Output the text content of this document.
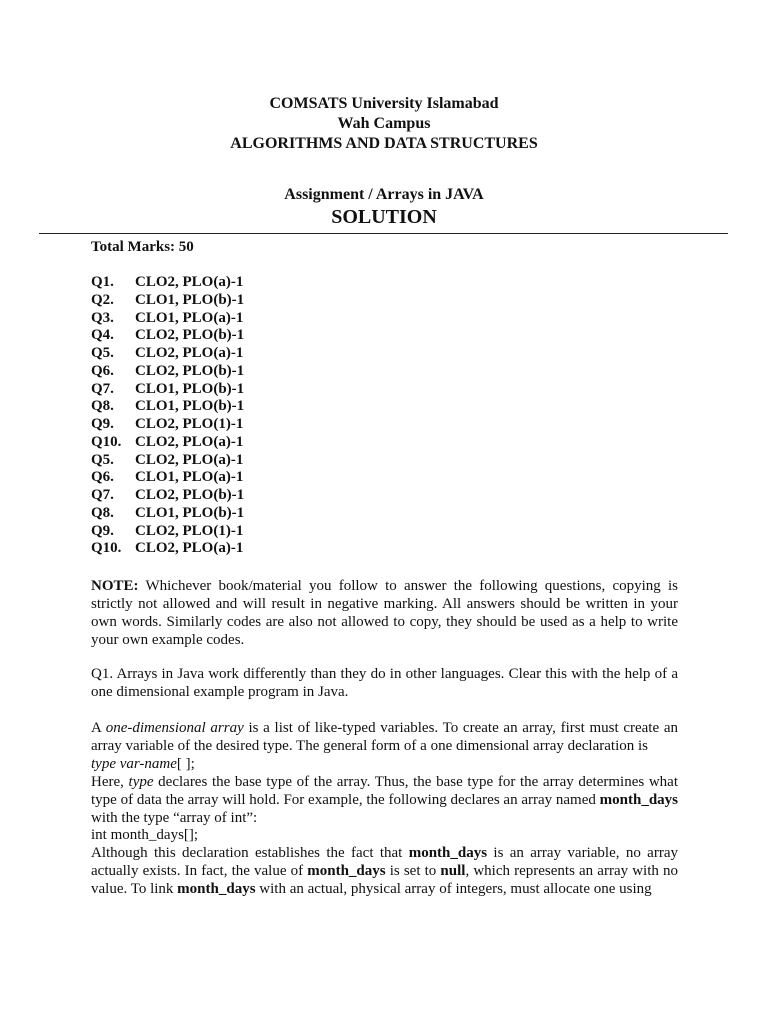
COMSATS University Islamabad
Wah Campus
ALGORITHMS AND DATA STRUCTURES
Assignment / Arrays in JAVA
SOLUTION
Total Marks: 50
Q1. CLO2, PLO(a)-1
Q2. CLO1, PLO(b)-1
Q3. CLO1, PLO(a)-1
Q4. CLO2, PLO(b)-1
Q5. CLO2, PLO(a)-1
Q6. CLO2, PLO(b)-1
Q7. CLO1, PLO(b)-1
Q8. CLO1, PLO(b)-1
Q9. CLO2, PLO(1)-1
Q10. CLO2, PLO(a)-1
Q5. CLO2, PLO(a)-1
Q6. CLO1, PLO(a)-1
Q7. CLO2, PLO(b)-1
Q8. CLO1, PLO(b)-1
Q9. CLO2, PLO(1)-1
Q10. CLO2, PLO(a)-1
NOTE: Whichever book/material you follow to answer the following questions, copying is strictly not allowed and will result in negative marking. All answers should be written in your own words. Similarly codes are also not allowed to copy, they should be used as a help to write your own example codes.
Q1. Arrays in Java work differently than they do in other languages. Clear this with the help of a one dimensional example program in Java.

A one-dimensional array is a list of like-typed variables. To create an array, first must create an array variable of the desired type. The general form of a one dimensional array declaration is

type var-name[ ];

Here, type declares the base type of the array. Thus, the base type for the array determines what type of data the array will hold. For example, the following declares an array named month_days with the type “array of int”:

int month_days[];

Although this declaration establishes the fact that month_days is an array variable, no array actually exists. In fact, the value of month_days is set to null, which represents an array with no value. To link month_days with an actual, physical array of integers, must allocate one using
